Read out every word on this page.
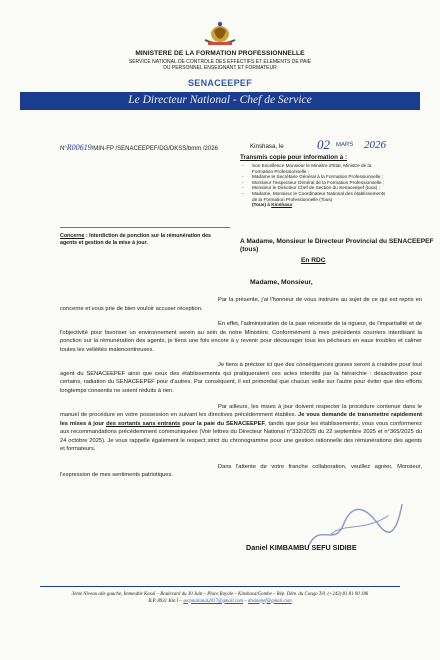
MINISTERE DE LA FORMATION PROFESSIONNELLE
SERVICE NATIONAL DE CONTROLE DES EFFECTIFS ET ELEMENTS DE PAIE
DU PERSONNEL ENSEIGNANT ET FORMATEUR
SENACEEPEF
Le Directeur National - Chef de Service
N°R00619/MIN-FP /SENACEEPEF/DG/DKSS/bmm /2026	Kinshasa, le	02 MARS 2026
Transmis copie pour information à :
- Son Excellence Monsieur le Ministre d'Etat, Ministre de la
Formation Professionnelle ;
- Madame le Secrétaire Général à la Formation Professionnelle ;
- Monsieur l'Inspecteur Général de la Formation Professionnelle ;
- Monsieur le Directeur Chef de Section du Senaceepef (tous) ;
- Madame, Monsieur le Coordinateur National des établissements
de la Formation Professionnelle (Tous)
(Tous) à Kinshasa
Concerne : Interdiction de ponction sur la rémunération des agents et gestion de la mise à jour.	A Madame, Monsieur le Directeur Provincial du SENACEEPEF (tous)
En RDC
Madame, Monsieur,

Par la présente, j'ai l'honneur de vous instruire au sujet de ce qui est repris en concerne et vous prie de bien vouloir accuser réception.

En effet, l'administration de la paie nécessite de la rigueur, de l'impartialité et de l'objectivité pour favoriser un environnement serein au sein de notre Ministère. Conformément à mes précédents courriers interdisant la ponction sur la rémunération des agents, je tiens une fois encore à y revenir pour décourager tous les pêcheurs en eaux troubles et calmer toutes les velléités malencontreuses.

Je tiens à préciser ici que des conséquences graves seront à craindre pour tout agent du SENACEEPEF ainsi que ceux des établissements qui pratiqueraient ces actes interdits par la hiérarchie : désactivation pour certains, radiation du SENACEEPEF pour d'autres. Par conséquent, il est primordial que chacun veille sur l'autre pour éviter que des efforts longtemps consentis ne soient réduits à rien.

Par ailleurs, les mises à jour doivent respecter la procédure contenue dans le manuel de procédure en votre possession en suivant les directives précédemment établies. Je vous demande de transmettre rapidement les mises à jour des sortants sans entrants pour la paie du SENACEEPEF, tandis que pour les établissements, vous vous conformerez aux recommandations précédemment communiquées (Voir lettres du Directeur National n°332/2025 du 22 septembre 2025 et n°365/2025 du 24 octobre 2025). Je vous rappelle également le respect strict du chronogramme pour une gestion rationnelle des rémunérations des agents et formateurs.

Dans l'attente de votre franche collaboration, veuillez agréer, Monsieur, l'expression de mes sentiments patriotiques.

Daniel KIMBAMBU SEFU SIDIBE
3ème Niveau aile gauche, Immeuble Kasaï – Boulevard du 30 Juin – Place Royale – Kinshasa/Gombe – Rép. Dém. du Congo Tél. (+243) 81 81 00 186
B.P. 8931 Kin I – secpnational2017@gmail.com – dnsinepef@gmail.com
